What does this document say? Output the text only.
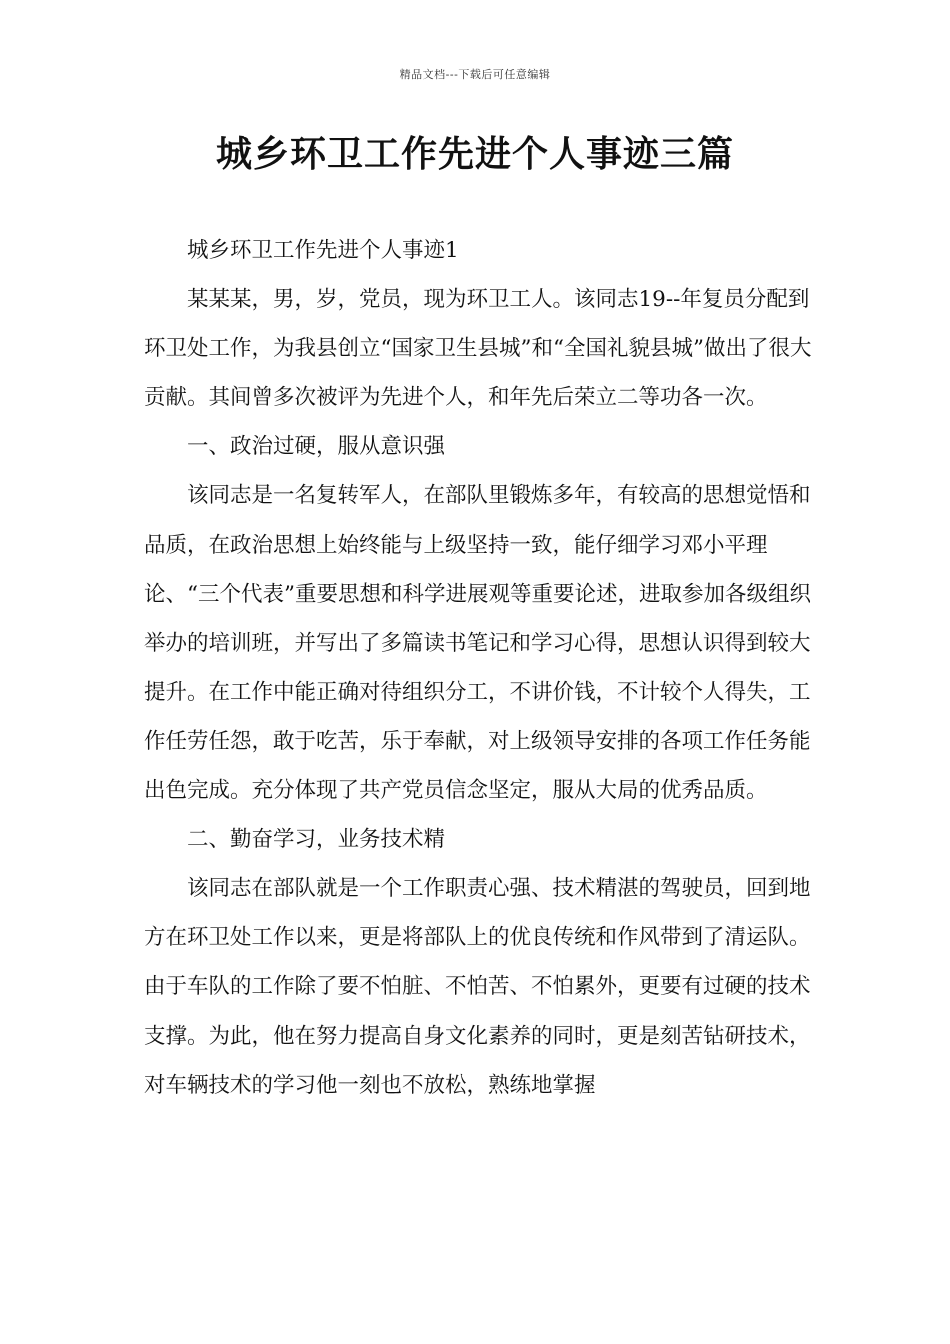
精品文档---下载后可任意编辑
城乡环卫工作先进个人事迹三篇

城乡环卫工作先进个人事迹1

某某某，男，岁，党员，现为环卫工人。该同志19--年复员分配到环卫处工作，为我县创立“国家卫生县城”和“全国礼貌县城”做出了很大贡献。其间曾多次被评为先进个人，和年先后荣立二等功各一次。

一、政治过硬，服从意识强

该同志是一名复转军人，在部队里锻炼多年，有较高的思想觉悟和品质，在政治思想上始终能与上级坚持一致，能仔细学习邓小平理论、“三个代表”重要思想和科学进展观等重要论述，进取参加各级组织举办的培训班，并写出了多篇读书笔记和学习心得，思想认识得到较大提升。在工作中能正确对待组织分工，不讲价钱，不计较个人得失，工作任劳任怨，敢于吃苦，乐于奉献，对上级领导安排的各项工作任务能出色完成。充分体现了共产党员信念坚定，服从大局的优秀品质。

二、勤奋学习，业务技术精

该同志在部队就是一个工作职责心强、技术精湛的驾驶员，回到地方在环卫处工作以来，更是将部队上的优良传统和作风带到了清运队。由于车队的工作除了要不怕脏、不怕苦、不怕累外，更要有过硬的技术支撑。为此，他在努力提高自身文化素养的同时，更是刻苦钻研技术，对车辆技术的学习他一刻也不放松，熟练地掌握
